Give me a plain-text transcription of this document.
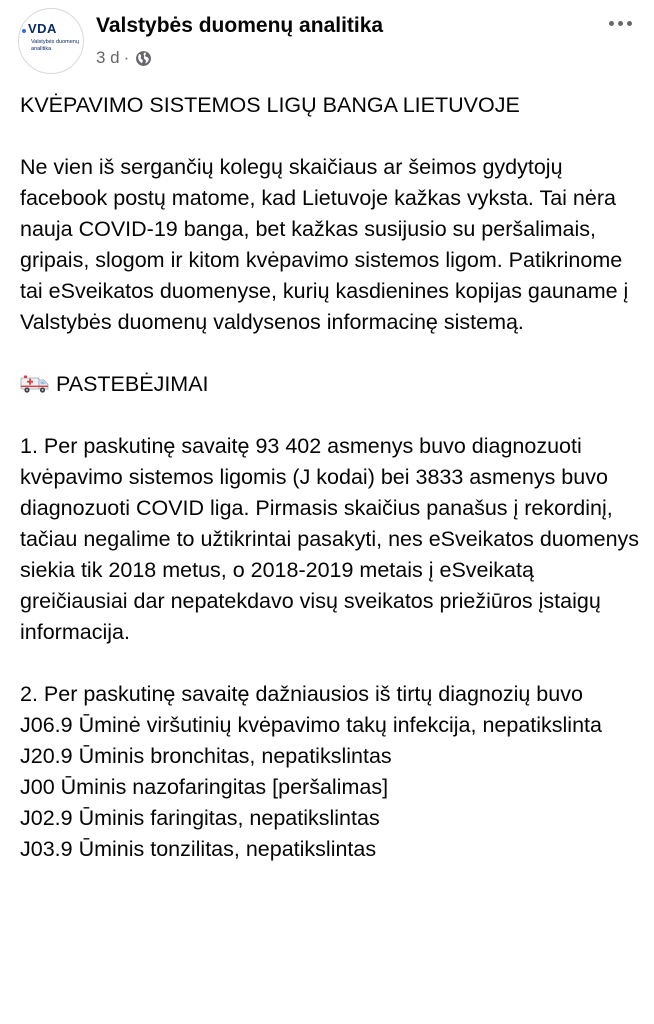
VDA
Valstybės duomenų analitika
Valstybės duomenų analitika
3 d ·

KVĖPAVIMO SISTEMOS LIGŲ BANGA LIETUVOJE

Ne vien iš sergančių kolegų skaičiaus ar šeimos gydytojų facebook postų matome, kad Lietuvoje kažkas vyksta. Tai nėra nauja COVID-19 banga, bet kažkas susijusio su peršalimais, gripais, slogom ir kitom kvėpavimo sistemos ligom. Patikrinome tai eSveikatos duomenyse, kurių kasdienines kopijas gauname į Valstybės duomenų valdysenos informacinę sistemą.

PASTEBĖJIMAI

1. Per paskutinę savaitę 93 402 asmenys buvo diagnozuoti kvėpavimo sistemos ligomis (J kodai) bei 3833 asmenys buvo diagnozuoti COVID liga. Pirmasis skaičius panašus į rekordinį, tačiau negalime to užtikrintai pasakyti, nes eSveikatos duomenys siekia tik 2018 metus, o 2018-2019 metais į eSveikatą greičiausiai dar nepatekdavo visų sveikatos priežiūros įstaigų informacija.

2. Per paskutinę savaitę dažniausios iš tirtų diagnozių buvo

J06.9 Ūminė viršutinių kvėpavimo takų infekcija, nepatikslinta

J20.9 Ūminis bronchitas, nepatikslintas

J00 Ūminis nazofaringitas [peršalimas]

J02.9 Ūminis faringitas, nepatikslintas

J03.9 Ūminis tonzilitas, nepatikslintas
